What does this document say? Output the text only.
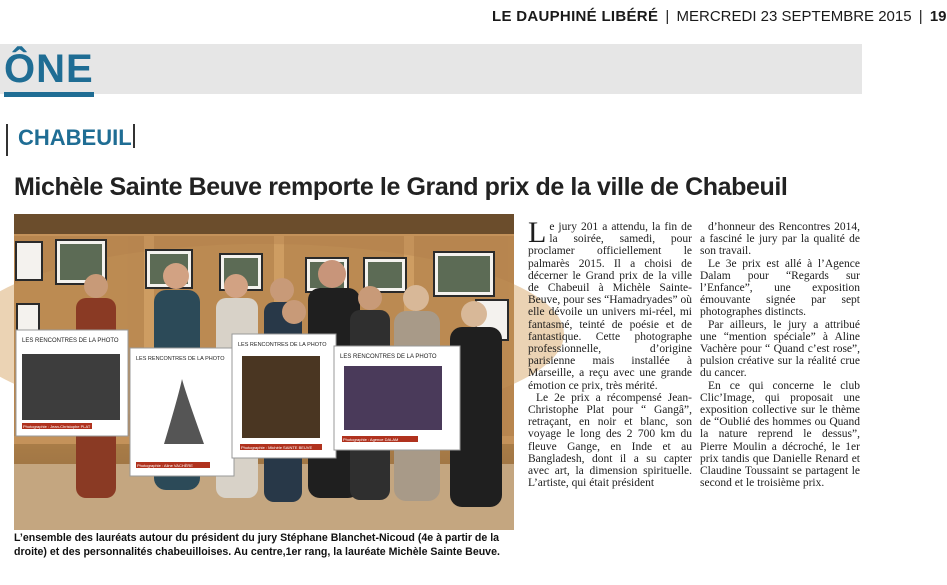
LE DAUPHINÉ LIBÉRÉ | MERCREDI 23 SEPTEMBRE 2015 | 19
ÔNE
CHABEUIL
Michèle Sainte Beuve remporte le Grand prix de la ville de Chabeuil
LES RENCONTRES DE LA PHOTO
Photographie : Jean-Christophe PLAT
LES RENCONTRES DE LA PHOTO
Photographie : Aline VACHÈRE
LES RENCONTRES DE LA PHOTO
Photographie : Michèle SAINTE BEUVE
LES RENCONTRES DE LA PHOTO
Photographie : Agence DALAM

L’ensemble des lauréats autour du président du jury Stéphane Blanchet-Nicoud (4e à partir de la droite) et des personnalités chabeuilloises. Au centre,1er rang, la lauréate Michèle Sainte Beuve.

Le jury 201 a attendu, la fin de la soirée, samedi, pour proclamer officiellement le palmarès 2015. Il a choisi de décerner le Grand prix de la ville de Chabeuil à Michèle Sainte-Beuve, pour ses “Hamadryades” où elle dévoile un univers mi-réel, mi fantasmé, teinté de poésie et de fantastique. Cette photographe professionnelle, d’origine parisienne mais installée à Marseille, a reçu avec une grande émotion ce prix, très mérité.

Le 2e prix a récompensé Jean-Christophe Plat pour “ Gangâ”, retraçant, en noir et blanc, son voyage le long des 2 700 km du fleuve Gange, en Inde et au Bangladesh, dont il a su capter avec art, la dimension spirituelle. L’artiste, qui était président

d’honneur des Rencontres 2014, a fasciné le jury par la qualité de son travail.

Le 3e prix est allé à l’Agence Dalam pour “Regards sur l’Enfance”, une exposition émouvante signée par sept photographes distincts.

Par ailleurs, le jury a attribué une “mention spéciale” à Aline Vachère pour “ Quand c’est rose”, pulsion créative sur la réalité crue du cancer.

En ce qui concerne le club Clic’Image, qui proposait une exposition collective sur le thème de “Oublié des hommes ou Quand la nature reprend le dessus”, Pierre Moulin a décroché, le 1er prix tandis que Danielle Renard et Claudine Toussaint se partagent le second et le troisième prix.
